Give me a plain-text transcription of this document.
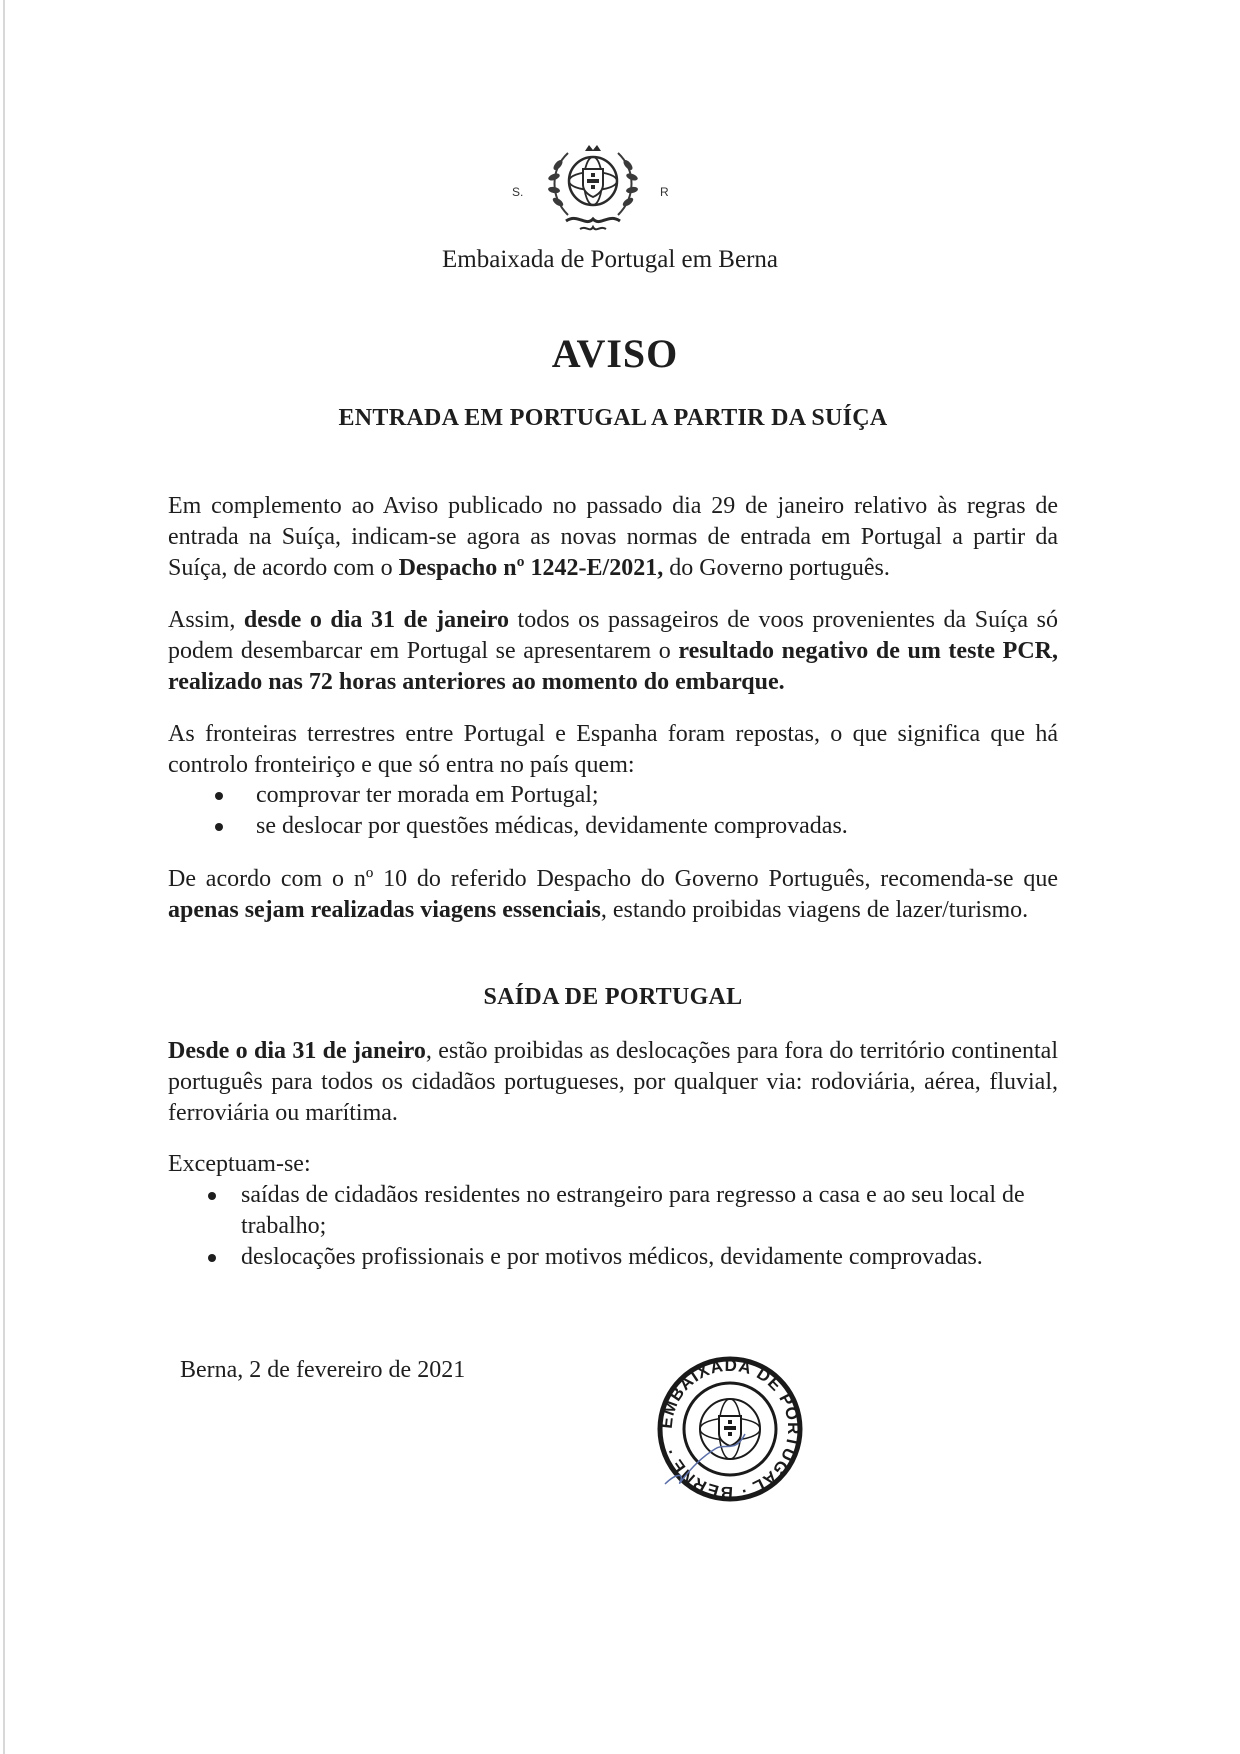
S.	R
Embaixada de Portugal em Berna
AVISO
ENTRADA EM PORTUGAL A PARTIR DA SUÍÇA

Em complemento ao Aviso publicado no passado dia 29 de janeiro relativo às regras de entrada na Suíça, indicam-se agora as novas normas de entrada em Portugal a partir da Suíça, de acordo com o Despacho nº 1242-E/2021, do Governo português.

Assim, desde o dia 31 de janeiro todos os passageiros de voos provenientes da Suíça só podem desembarcar em Portugal se apresentarem o resultado negativo de um teste PCR, realizado nas 72 horas anteriores ao momento do embarque.

As fronteiras terrestres entre Portugal e Espanha foram repostas, o que significa que há controlo fronteiriço e que só entra no país quem:

comprovar ter morada em Portugal;
se deslocar por questões médicas, devidamente comprovadas.

De acordo com o nº 10 do referido Despacho do Governo Português, recomenda-se que apenas sejam realizadas viagens essenciais, estando proibidas viagens de lazer/turismo.

SAÍDA DE PORTUGAL

Desde o dia 31 de janeiro, estão proibidas as deslocações para fora do território continental português para todos os cidadãos portugueses, por qualquer via: rodoviária, aérea, fluvial, ferroviária ou marítima.

Exceptuam-se:

saídas de cidadãos residentes no estrangeiro para regresso a casa e ao seu local de trabalho;
deslocações profissionais e por motivos médicos, devidamente comprovadas.
Berna, 2 de fevereiro de 2021
EMBAIXADA DE PORTUGAL · BERNE ·
